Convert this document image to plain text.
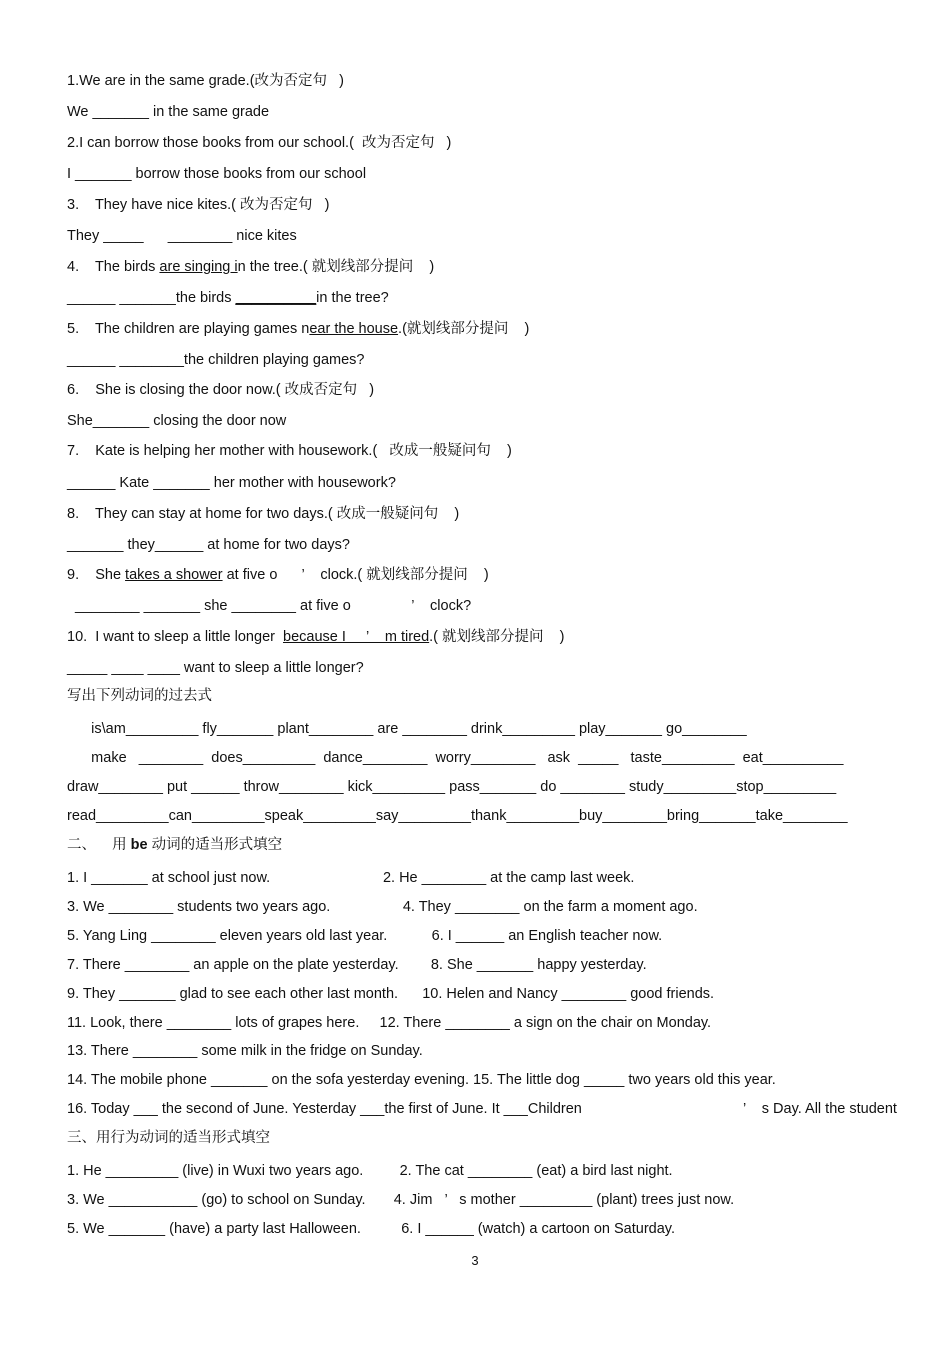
1.We are in the same grade.(改为否定句   )
We _______ in the same grade
2.I can borrow those books from our school.(  改为否定句   )
I _______ borrow those books from our school
3.    They have nice kites.( 改为否定句   )
They _____      ________ nice kites
4.    The birds are singing in the tree.( 就划线部分提问    )
______ _______the birds __________in the tree?
5.    The children are playing games near the house.(就划线部分提问    )
______ ________the children playing games?
6.    She is closing the door now.( 改成否定句   )
She_______ closing the door now
7.    Kate is helping her mother with housework.(   改成一般疑问句    )
______ Kate _______ her mother with housework?
8.    They can stay at home for two days.( 改成一般疑问句    )
_______ they______ at home for two days?
9.    She takes a shower at five o      ’    clock.( 就划线部分提问    )
________ _______ she ________ at five o               ’    clock?
10.  I want to sleep a little longer  because I     ’    m tired.( 就划线部分提问    )
_____ ____ ____ want to sleep a little longer?
写出下列动词的过去式
is\am_________ fly_______ plant________ are ________ drink_________ play_______ go________
make   ________  does_________  dance________  worry________   ask  _____   taste_________  eat__________
draw________ put ______ throw________ kick_________ pass_______ do ________ study_________stop_________
read_________can_________speak_________say_________thank_________buy________bring_______take________
二、    用 be 动词的适当形式填空
1. I _______ at school just now.                            2. He ________ at the camp last week.
3. We ________ students two years ago.                  4. They ________ on the farm a moment ago.
5. Yang Ling ________ eleven years old last year.           6. I ______ an English teacher now.
7. There ________ an apple on the plate yesterday.        8. She _______ happy yesterday.
9. They _______ glad to see each other last month.      10. Helen and Nancy ________ good friends.
11. Look, there ________ lots of grapes here.     12. There ________ a sign on the chair on Monday.
13. There ________ some milk in the fridge on Sunday.
14. The mobile phone _______ on the sofa yesterday evening. 15. The little dog _____ two years old this year.
16. Today ___ the second of June. Yesterday ___the first of June. It ___Children                                        ’    s Day. All the student
三、用行为动词的适当形式填空
1. He _________ (live) in Wuxi two years ago.         2. The cat ________ (eat) a bird last night.
3. We ___________ (go) to school on Sunday.       4. Jim   ’   s mother _________ (plant) trees just now.
5. We _______ (have) a party last Halloween.          6. I ______ (watch) a cartoon on Saturday.
3
